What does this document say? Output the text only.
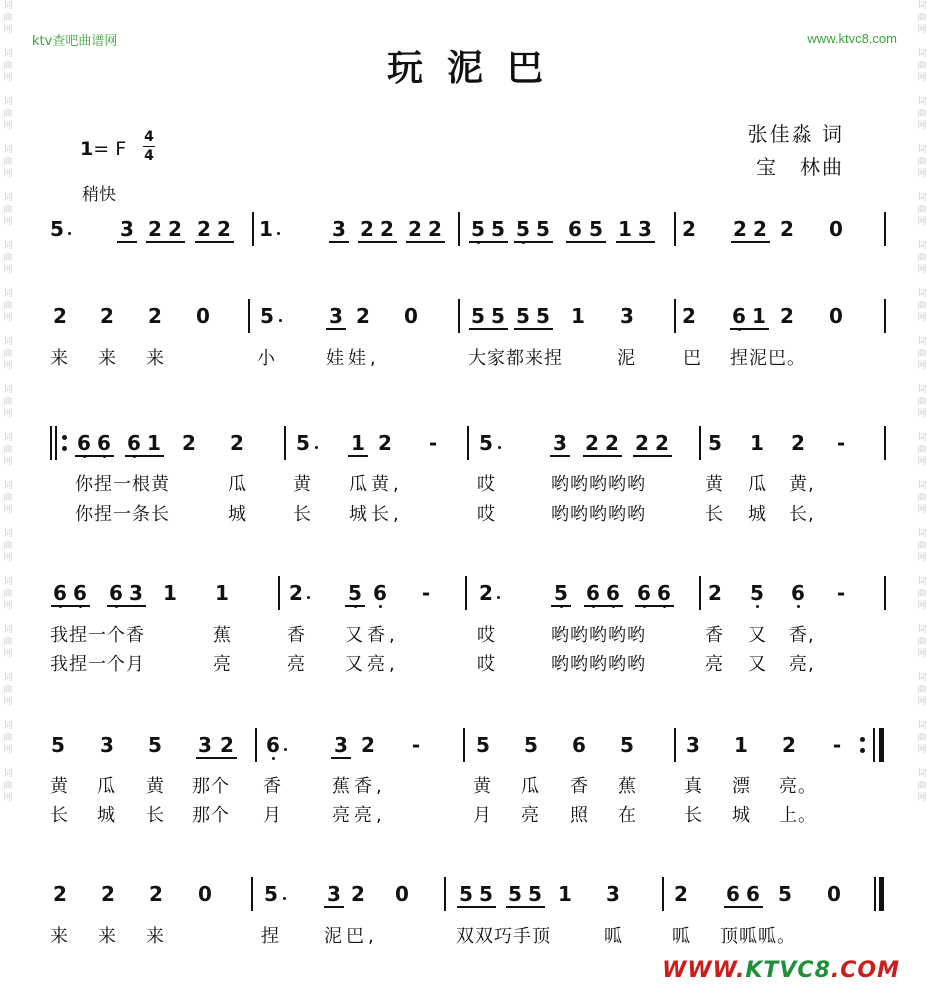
词
曲
网

词
曲
网

词
曲
网

词
曲
网

词
曲
网

词
曲
网

词
曲
网

词
曲
网

词
曲
网

词
曲
网

词
曲
网

词
曲
网

词
曲
网

词
曲
网

词
曲
网

词
曲
网

词
曲
网

词
曲
网

词
曲
网

词
曲
网

词
曲
网

词
曲
网

词
曲
网

词
曲
网

词
曲
网

词
曲
网

词
曲
网

词
曲
网

词
曲
网

词
曲
网

词
曲
网

词
曲
网

词
曲
网

词
曲
网

ktv查吧曲谱网	www.ktvc8.com
玩泥巴
1= F
4
4
稍快
张佳淼 词
宝　林曲
5	3 2 2 2 2 1	3 2 2 2 2 5 5 5 5 6 5 1 3 2 2 2 2 0
2 2 2 0	5	3 2 0	5 5 5 5 1 3 2 6 1 2 0
6 6 6 1 2 2	5 1 2 - 5	3 2 2 2 2 5 1 2 -
6 6 6 3 1 1	2 5 6 - 2	5 6 6 6 6 2 5 6 -
5 3 5 3 2 6	3 2 -	5 5 6 5	3 1 2 -
2 2 2 0	5 3 2 0	5 5 5 5 1 3	2 6 6 5 0
来来来	小	娃娃,	大家都来捏	泥	巴 捏泥巴。
你捏一根黄	瓜	黄 瓜黄,	哎	哟哟哟哟哟	黄 瓜 黄,
你捏一条长	城	长 城长,	哎	哟哟哟哟哟	长 城 长,
我捏一个香	蕉	香 又香,	哎	哟哟哟哟哟	香 又 香,
我捏一个月	亮	亮 又亮,	哎	哟哟哟哟哟	亮 又 亮,
黄 瓜 黄 那个 香	蕉香,	黄 瓜 香 蕉	真 漂 亮。
长 城 长 那个 月	亮亮,	月 亮 照 在	长 城 上。
来 来 来	捏 泥巴,	双双巧手顶	呱	呱 顶呱呱。
WWW.KTVC8.COM
